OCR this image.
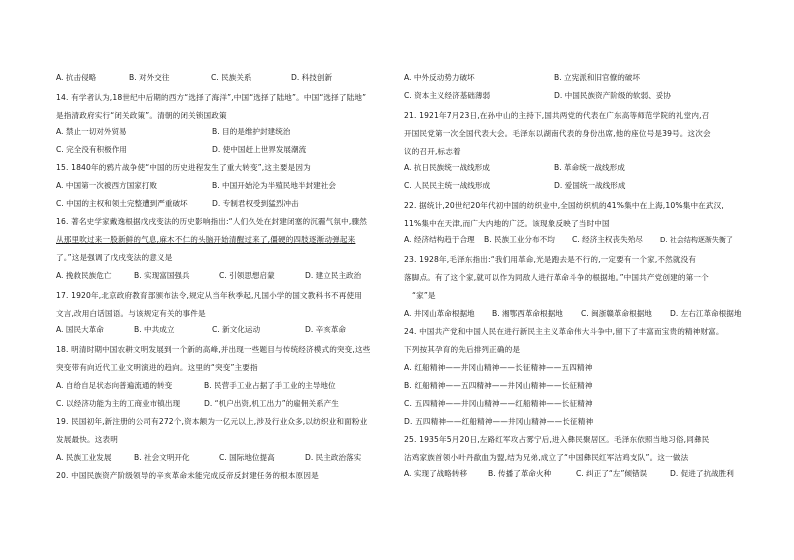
A. 抗击侵略	B. 对外交往	C. 民族关系	D. 科技创新
14. 有学者认为,18世纪中后期的西方“选择了海洋”,中国“选择了陆地”。中国“选择了陆地”
是指清政府实行“闭关政策”。清朝的闭关锁国政策
A. 禁止一切对外贸易	B. 目的是维护封建统治
C. 完全没有积极作用	D. 使中国赶上世界发展潮流
15. 1840年的鸦片战争使“中国的历史进程发生了重大转变”,这主要是因为
A. 中国第一次被西方国家打败	B. 中国开始沦为半殖民地半封建社会
C. 中国的主权和领土完整遭到严重破坏	D. 专制君权受到猛烈冲击
16. 著名史学家戴逸根据戊戌变法的历史影响指出:“人们久处在封建闭塞的沉霾气氛中,骤然
从那里吹过来一股新鲜的气息,麻木不仁的头脑开始清醒过来了,僵硬的四肢逐渐动弹起来
了。”这是强调了戊戌变法的意义是
A. 挽救民族危亡	B. 实现富国强兵	C. 引领思想启蒙	D. 建立民主政治
17. 1920年,北京政府教育部颁布法令,规定从当年秋季起,凡国小学的国文教科书不再使用
文言,改用白话国语。与该规定有关的事件是
A. 国民大革命	B. 中共成立	C. 新文化运动	D. 辛亥革命
18. 明清时期中国农耕文明发展到一个新的高峰,并出现一些题目与传统经济模式的突变,这些
突变带有向近代工业文明演进的趋向。这里的“突变”主要指
A. 自给自足状态向普遍流通的转变	B. 民营手工业占据了手工业的主导地位
C. 以经济功能为主的工商业市镇出现	D. “机户出资,机工出力”的雇佣关系产生
19. 民国初年,新注册的公司有272个,资本额为一亿元以上,涉及行业众多,以纺织业和面粉业
发展最快。这表明
A. 民族工业发展	B. 社会文明开化	C. 国际地位提高	D. 民主政治落实
20. 中国民族资产阶级领导的辛亥革命未能完成反帝反封建任务的根本原因是
A. 中外反动势力破坏	B. 立宪派和旧官僚的破坏
C. 资本主义经济基础薄弱	D. 中国民族资产阶级的软弱、妥协
21. 1921年7月23日,在孙中山的主持下,国共两党的代表在广东高等师范学院的礼堂内,召
开国民党第一次全国代表大会。毛泽东以湖南代表的身份出席,他的座位号是39号。这次会
议的召开,标志着
A. 抗日民族统一战线形成	B. 革命统一战线形成
C. 人民民主统一战线形成	D. 爱国统一战线形成
22. 据统计,20世纪20年代初中国的纺织业中,全国纺织机的41%集中在上海,10%集中在武汉,
11%集中在天津,而广大内地的广泛。该现象反映了当时中国
A. 经济结构趋于合理 B. 民族工业分布不均 C. 经济主权丧失殆尽 D. 社会结构逐渐失衡了
23. 1928年,毛泽东指出:“我们用革命,光是跑去是不行的,一定要有一个家,不然就没有
落脚点。有了这个家,就可以作为同敌人进行革命斗争的根据地。”中国共产党创建的第一个
“家”是
A. 井冈山革命根据地 B. 湘鄂西革命根据地 C. 闽浙赣革命根据地 D. 左右江革命根据地
24. 中国共产党和中国人民在进行新民主主义革命伟大斗争中,留下了丰富而宝贵的精神财富。
下列按其孕育的先后排列正确的是
A. 红船精神——井冈山精神——长征精神——五四精神
B. 红船精神——五四精神——井冈山精神——长征精神
C. 五四精神——井冈山精神——红船精神——长征精神
D. 五四精神——红船精神——井冈山精神——长征精神
25. 1935年5月20日,左路红军攻占雾宁后,进入彝民聚居区。毛泽东依照当地习俗,同彝民
沽鸡家族首领小叶丹歃血为盟,结为兄弟,成立了“中国彝民红军沽鸡支队”。这一做法
A. 实现了战略转移	B. 传播了革命火种	C. 纠正了“左”倾错误	D. 促进了抗战胜利
